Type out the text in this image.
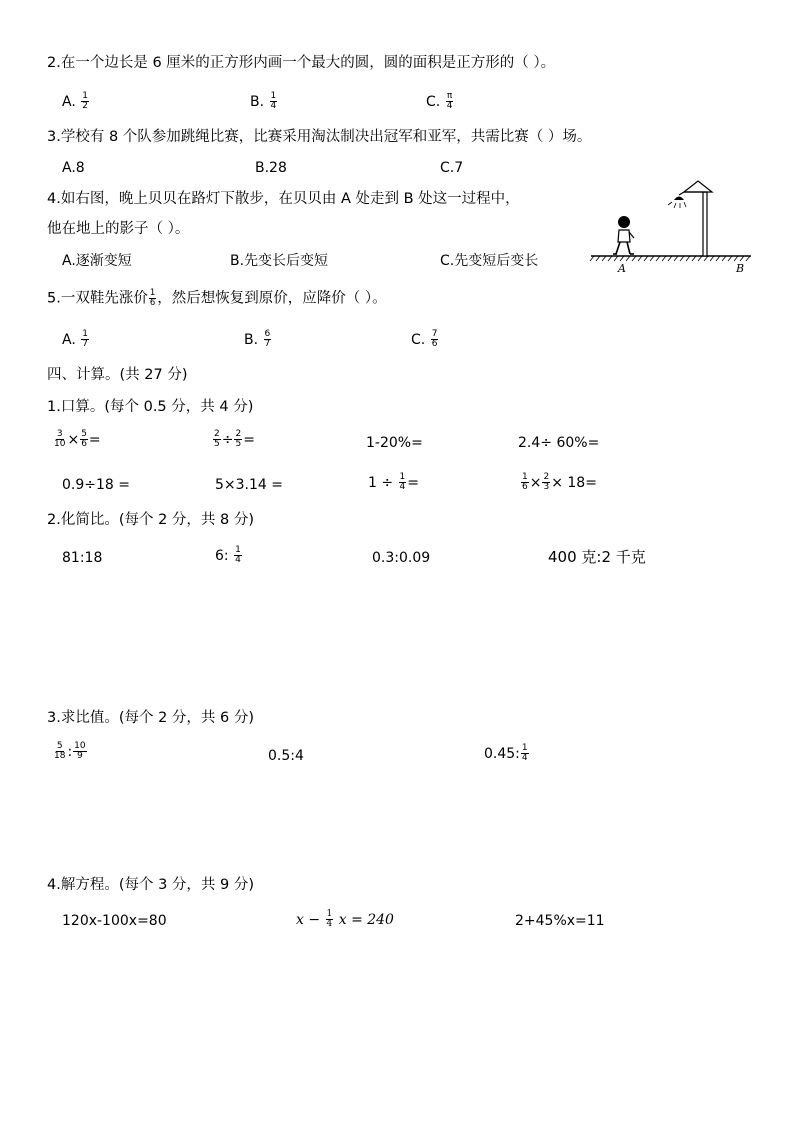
2.在一个边长是 6 厘米的正方形内画一个最大的圆，圆的面积是正方形的（ ）。
A. $\frac{1}{2}$	B. $\frac{1}{4}$	C. $\frac{\pi}{4}$
3.学校有 8 个队参加跳绳比赛，比赛采用淘汰制决出冠军和亚军，共需比赛（ ）场。
A.8	B.28	C.7
4.如右图，晚上贝贝在路灯下散步，在贝贝由 A 处走到 B 处这一过程中，
他在地上的影子（ ）。
A.逐渐变短	B.先变长后变短	C.先变短后变长	A	B
5.一双鞋先涨价 $\frac{1}{6}$ ，然后想恢复到原价，应降价（ ）。
A. $\frac{1}{7}$	B. $\frac{6}{7}$	C. $\frac{7}{6}$
四、计算。(共 27 分)
1.口算。(每个 0.5 分，共 4 分)
$\frac{3}{10} \times \frac{5}{6}$ =	$\frac{2}{5} \div \frac{2}{5}$ =	1-20%=	2.4÷ 60%=
0.9÷18 =	5×3.14 =	$1 \div \frac{1}{4}$ =	$\frac{1}{6} \times \frac{2}{3} \times 18=$
2.化简比。(每个 2 分，共 8 分)
81:18	6: $\frac{1}{4}$	0.3:0.09	400 克:2 千克
3.求比值。(每个 2 分，共 6 分)
$\frac{5}{18}$ : $\frac{10}{9}$	0.5:4	0.45: $\frac{1}{4}$
4.解方程。(每个 3 分，共 9 分)
120x-100x=80	$x - \frac{1}{4}$ x = 240	2+45%x=11
